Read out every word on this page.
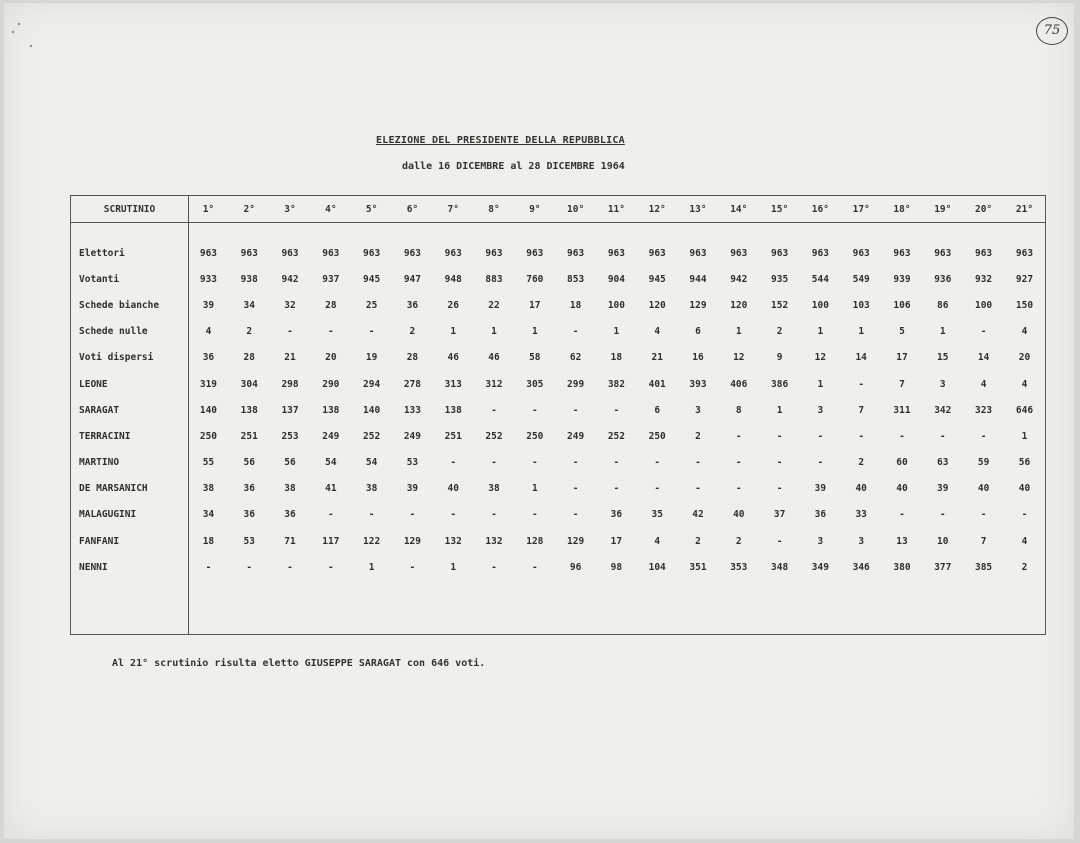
75
ELEZIONE DEL PRESIDENTE DELLA REPUBBLICA
dalle 16 DICEMBRE al 28 DICEMBRE 1964
SCRUTINIO	1°	2°	3°	4°	5°	6°	7°	8°	9°	10°	11°	12°	13°	14°	15°	16°	17°	18°	19°	20°	21°

Elettori	963	963	963	963	963	963	963	963	963	963	963	963	963	963	963	963	963	963	963	963	963
Votanti	933	938	942	937	945	947	948	883	760	853	904	945	944	942	935	544	549	939	936	932	927
Schede bianche	39	34	32	28	25	36	26	22	17	18	100	120	129	120	152	100	103	106	86	100	150
Schede nulle	4	2	-	-	-	2	1	1	1	-	1	4	6	1	2	1	1	5	1	-	4
Voti dispersi	36	28	21	20	19	28	46	46	58	62	18	21	16	12	9	12	14	17	15	14	20
LEONE	319	304	298	290	294	278	313	312	305	299	382	401	393	406	386	1	-	7	3	4	4
SARAGAT	140	138	137	138	140	133	138	-	-	-	-	6	3	8	1	3	7	311	342	323	646
TERRACINI	250	251	253	249	252	249	251	252	250	249	252	250	2	-	-	-	-	-	-	-	1
MARTINO	55	56	56	54	54	53	-	-	-	-	-	-	-	-	-	-	2	60	63	59	56
DE MARSANICH	38	36	38	41	38	39	40	38	1	-	-	-	-	-	-	39	40	40	39	40	40
MALAGUGINI	34	36	36	-	-	-	-	-	-	-	36	35	42	40	37	36	33	-	-	-	-
FANFANI	18	53	71	117	122	129	132	132	128	129	17	4	2	2	-	3	3	13	10	7	4
NENNI	-	-	-	-	1	-	1	-	-	96	98	104	351	353	348	349	346	380	377	385	2
Al 21° scrutinio risulta eletto GIUSEPPE SARAGAT con 646 voti.
